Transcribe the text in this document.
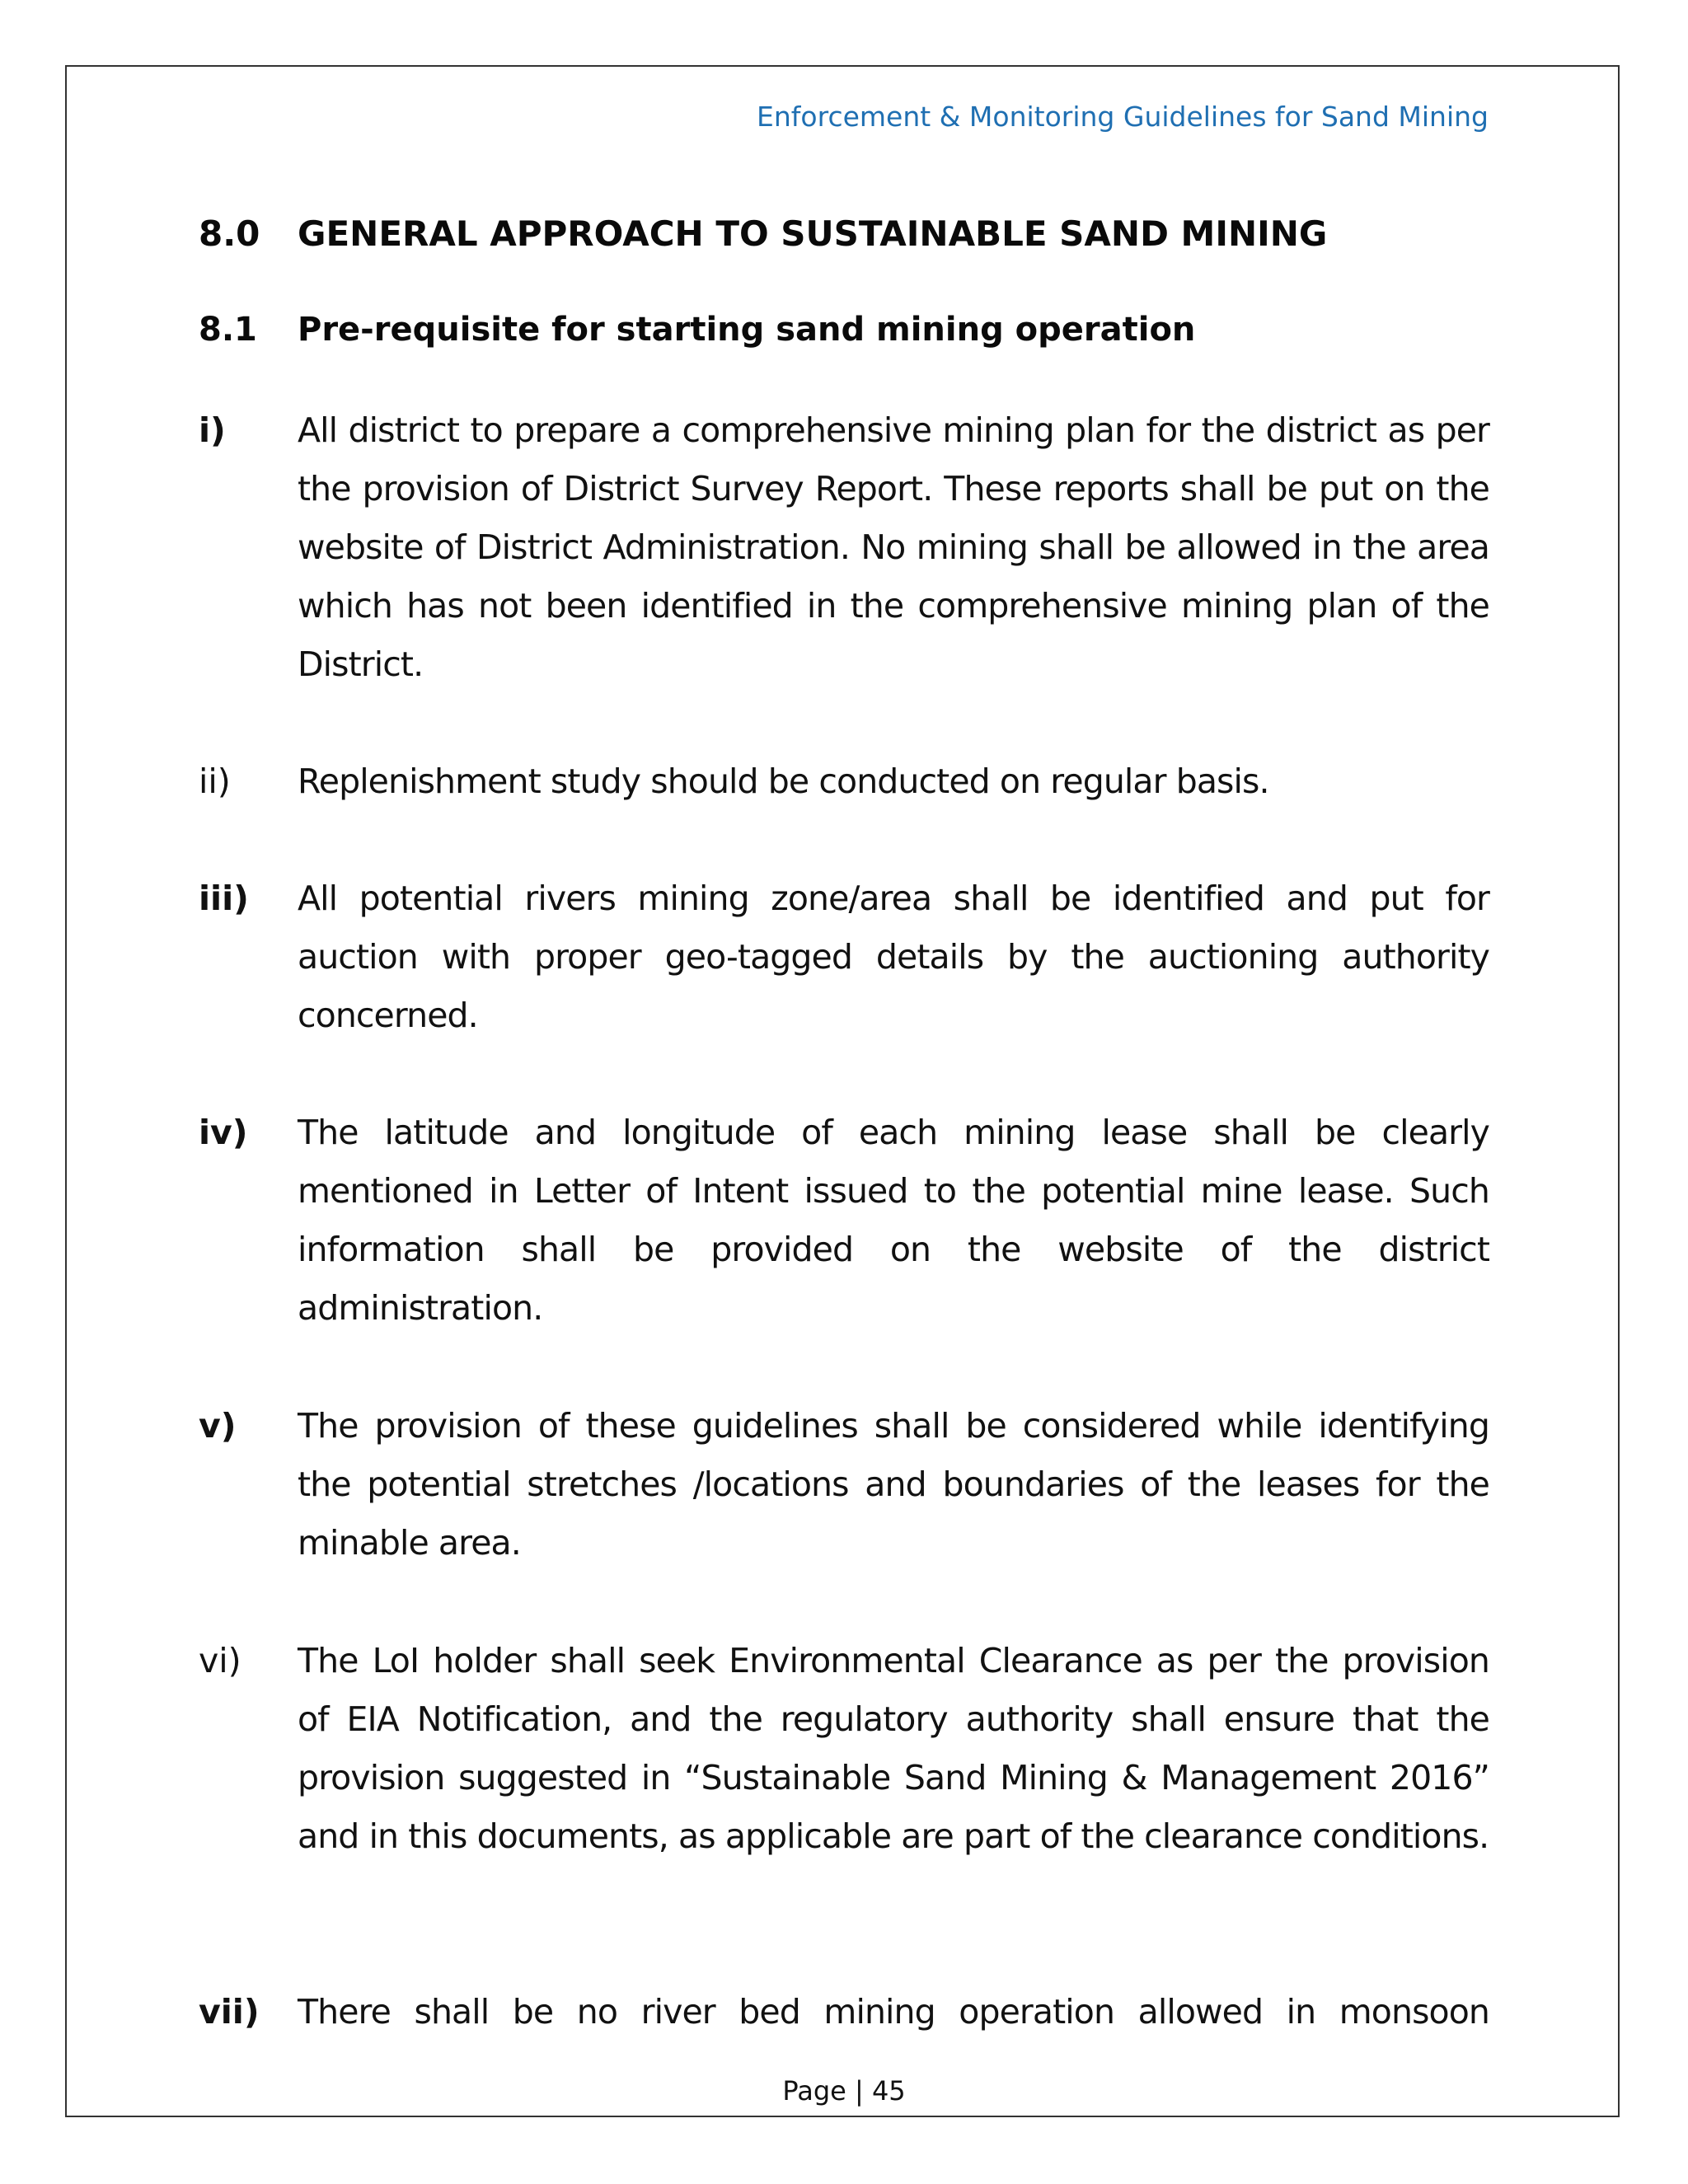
Enforcement & Monitoring Guidelines for Sand Mining
8.0 GENERAL APPROACH TO SUSTAINABLE SAND MINING
8.1 Pre-requisite for starting sand mining operation
i)	All district to prepare a comprehensive mining plan for the district as per the provision of District Survey Report. These reports shall be put on the website of District Administration. No mining shall be allowed in the area which has not been identified in the comprehensive mining plan of the District.
ii)	Replenishment study should be conducted on regular basis.
iii)	All potential rivers mining zone/area shall be identified and put for auction with proper geo-tagged details by the auctioning authority concerned.
iv)	The latitude and longitude of each mining lease shall be clearly mentioned in Letter of Intent issued to the potential mine lease. Such information shall be provided on the website of the district administration.
v)	The provision of these guidelines shall be considered while identifying the potential stretches /locations and boundaries of the leases for the minable area.
vi)	The LoI holder shall seek Environmental Clearance as per the provision of EIA Notification, and the regulatory authority shall ensure that the provision suggested in “Sustainable Sand Mining & Management 2016” and in this documents, as applicable are part of the clearance conditions.
vii)	There shall be no river bed mining operation allowed in monsoon
Page | 45
